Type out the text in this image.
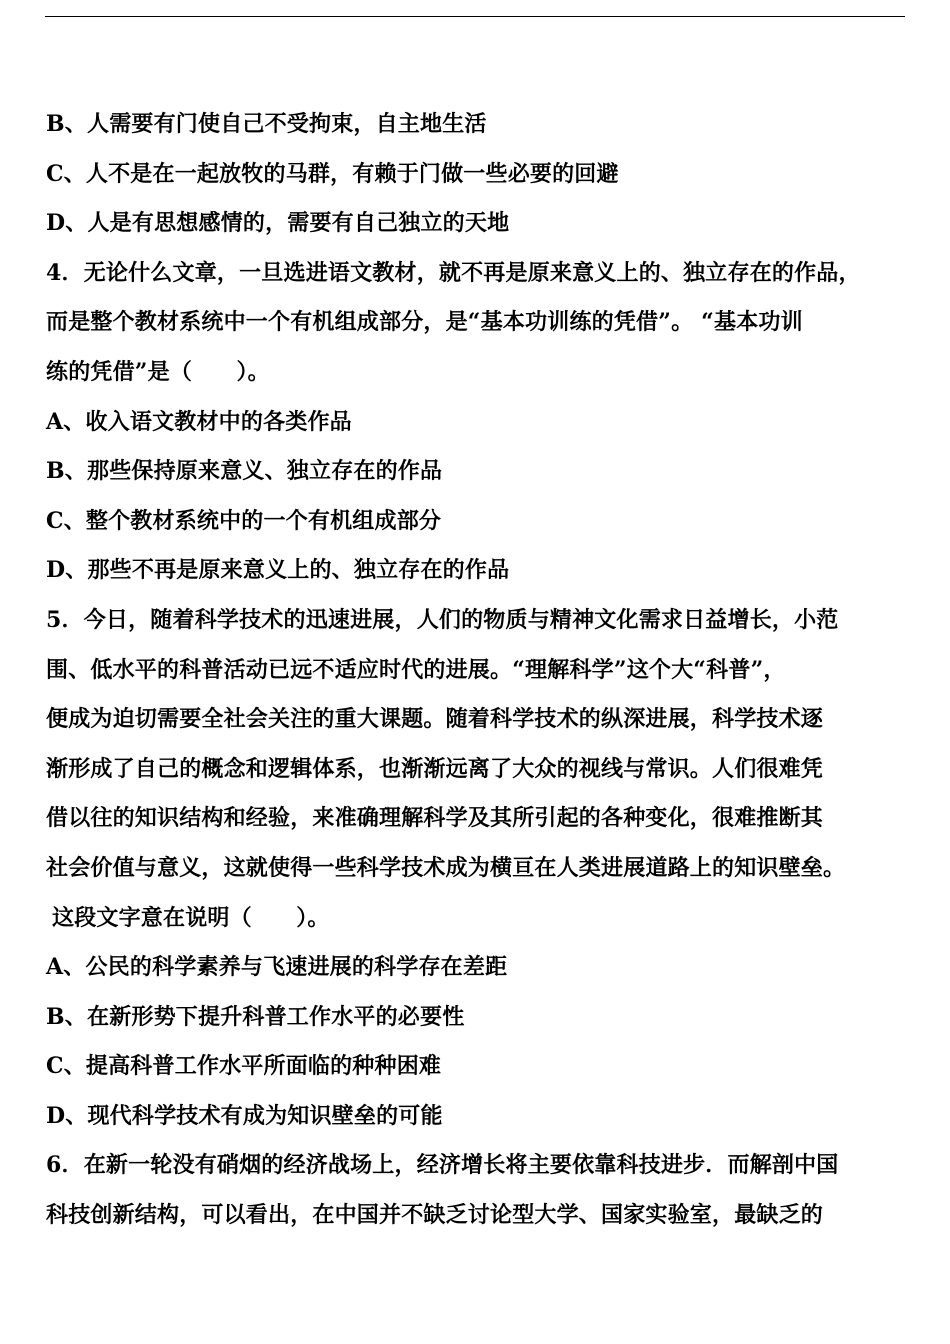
B、人需要有门使自己不受拘束，自主地生活
C、人不是在一起放牧的马群，有赖于门做一些必要的回避
D、人是有思想感情的，需要有自己独立的天地
4．无论什么文章，一旦选进语文教材，就不再是原来意义上的、独立存在的作品，
而是整个教材系统中一个有机组成部分，是“基本功训练的凭借”。 “基本功训
练的凭借”是（　　）。
A、收入语文教材中的各类作品
B、那些保持原来意义、独立存在的作品
C、整个教材系统中的一个有机组成部分
D、那些不再是原来意义上的、独立存在的作品
5．今日，随着科学技术的迅速进展，人们的物质与精神文化需求日益增长，小范
围、低水平的科普活动已远不适应时代的进展。“理解科学”这个大“科普”，
便成为迫切需要全社会关注的重大课题。随着科学技术的纵深进展，科学技术逐
渐形成了自己的概念和逻辑体系，也渐渐远离了大众的视线与常识。人们很难凭
借以往的知识结构和经验，来准确理解科学及其所引起的各种变化，很难推断其
社会价值与意义，这就使得一些科学技术成为横亘在人类进展道路上的知识壁垒。
这段文字意在说明（　　）。
A、公民的科学素养与飞速进展的科学存在差距
B、在新形势下提升科普工作水平的必要性
C、提高科普工作水平所面临的种种困难
D、现代科学技术有成为知识壁垒的可能
6．在新一轮没有硝烟的经济战场上，经济增长将主要依靠科技进步．而解剖中国
科技创新结构，可以看出，在中国并不缺乏讨论型大学、国家实验室，最缺乏的
